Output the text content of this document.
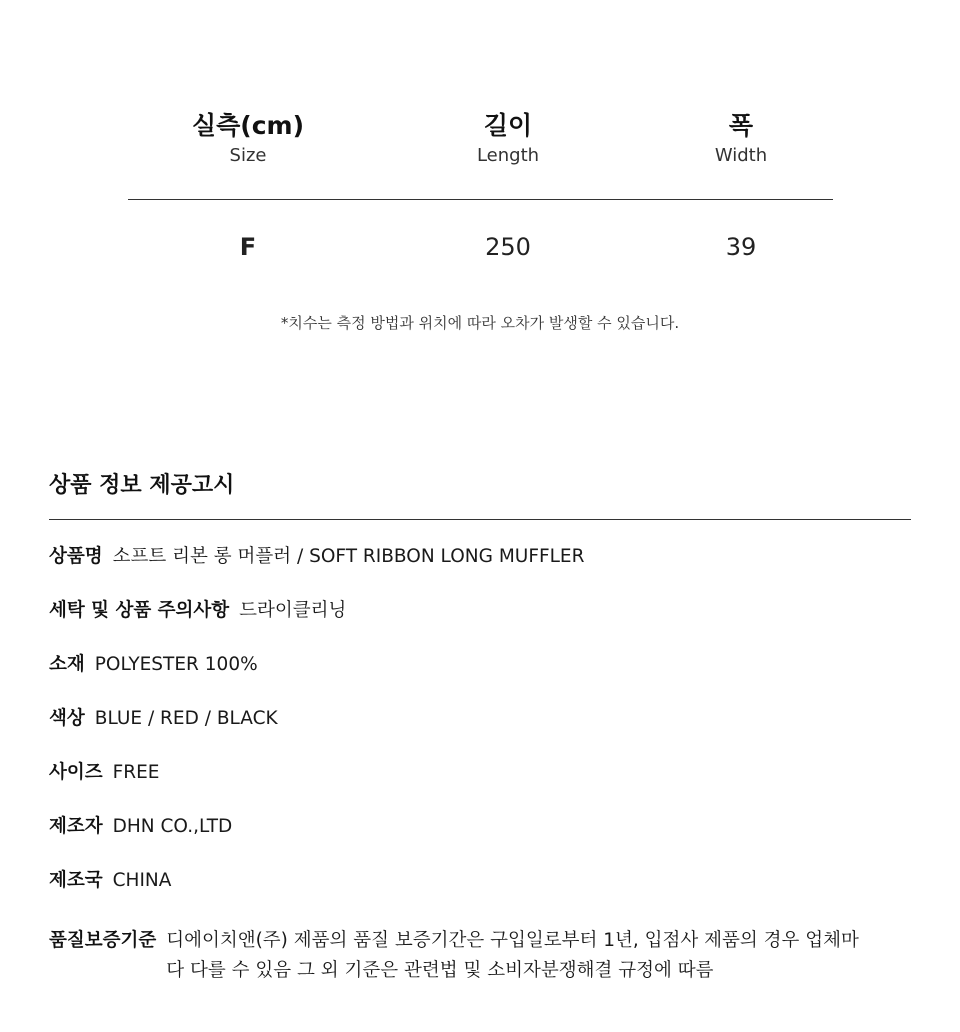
실측(cm)
Size
길이
Length
폭
Width
F	250	39
*치수는 측정 방법과 위치에 따라 오차가 발생할 수 있습니다.
상품 정보 제공고시
상품명 소프트 리본 롱 머플러 / SOFT RIBBON LONG MUFFLER
세탁 및 상품 주의사항 드라이클리닝
소재 POLYESTER 100%
색상 BLUE / RED / BLACK
사이즈 FREE
제조자 DHN CO.,LTD
제조국 CHINA
품질보증기준 디에이치앤(주) 제품의 품질 보증기간은 구입일로부터 1년, 입점사 제품의 경우 업체마다 다를 수 있음 그 외 기준은 관련법 및 소비자분쟁해결 규정에 따름
